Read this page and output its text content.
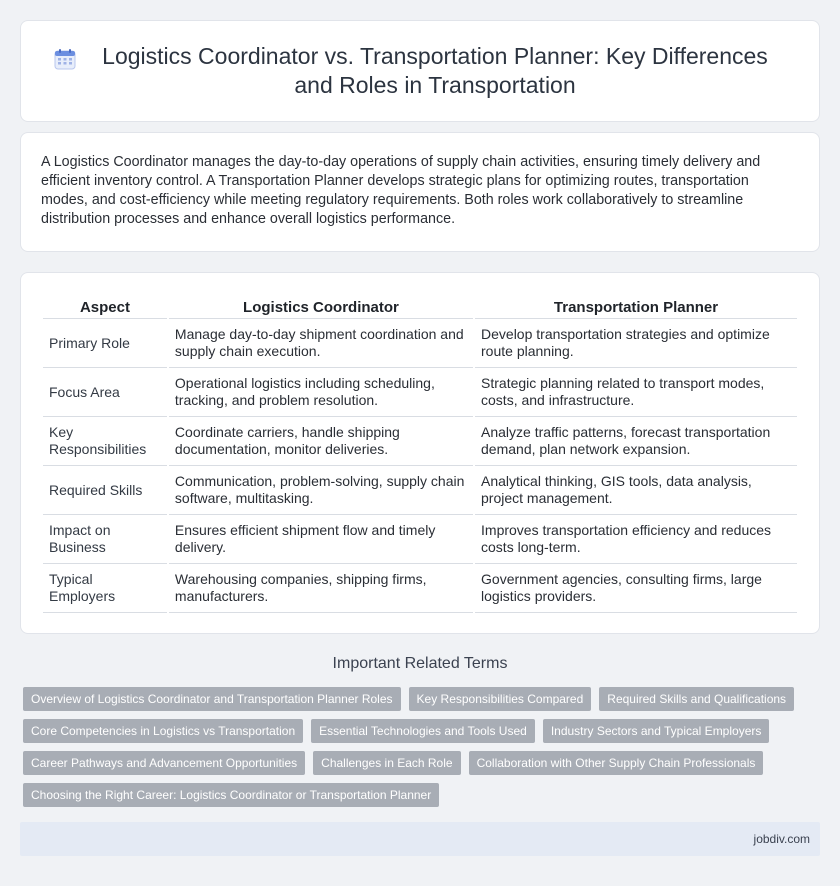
Logistics Coordinator vs. Transportation Planner: Key Differences and Roles in Transportation

A Logistics Coordinator manages the day-to-day operations of supply chain activities, ensuring timely delivery and efficient inventory control. A Transportation Planner develops strategic plans for optimizing routes, transportation modes, and cost-efficiency while meeting regulatory requirements. Both roles work collaboratively to streamline distribution processes and enhance overall logistics performance.

Aspect	Logistics Coordinator	Transportation Planner
Primary Role	Manage day-to-day shipment coordination and supply chain execution.	Develop transportation strategies and optimize route planning.
Focus Area	Operational logistics including scheduling, tracking, and problem resolution.	Strategic planning related to transport modes, costs, and infrastructure.
Key Responsibilities	Coordinate carriers, handle shipping documentation, monitor deliveries.	Analyze traffic patterns, forecast transportation demand, plan network expansion.
Required Skills	Communication, problem-solving, supply chain software, multitasking.	Analytical thinking, GIS tools, data analysis, project management.
Impact on Business	Ensures efficient shipment flow and timely delivery.	Improves transportation efficiency and reduces costs long-term.
Typical Employers	Warehousing companies, shipping firms, manufacturers.	Government agencies, consulting firms, large logistics providers.
Important Related Terms
Overview of Logistics Coordinator and Transportation Planner Roles	Key Responsibilities Compared	Required Skills and Qualifications
Core Competencies in Logistics vs Transportation	Essential Technologies and Tools Used	Industry Sectors and Typical Employers
Career Pathways and Advancement Opportunities	Challenges in Each Role	Collaboration with Other Supply Chain Professionals
Choosing the Right Career: Logistics Coordinator or Transportation Planner
jobdiv.com
